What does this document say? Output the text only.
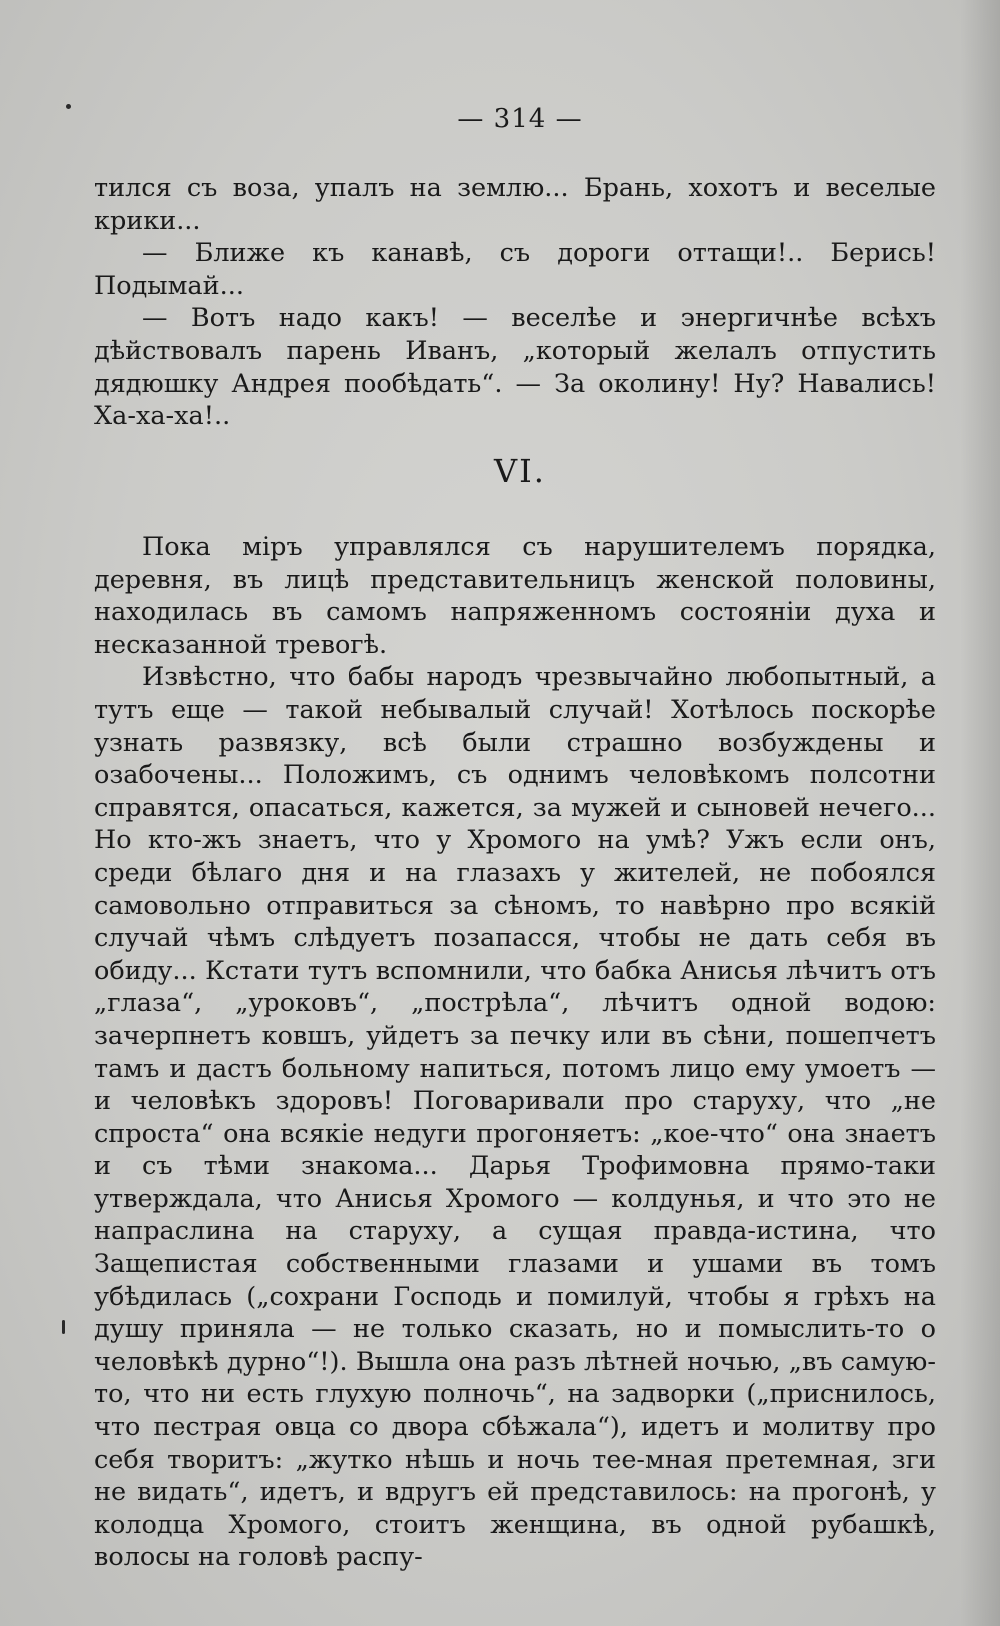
— 314 —

тился съ воза, упалъ на землю... Брань, хохотъ и веселые крики...

— Ближе къ канавѣ, съ дороги оттащи!.. Берись! Подымай...

— Вотъ надо какъ! — веселѣе и энергичнѣе всѣхъ дѣйствовалъ парень Иванъ, „который желалъ отпустить дядюшку Андрея пообѣдать“. — За околину! Ну? Навались! Ха-ха-ха!..

VI.

Пока міръ управлялся съ нарушителемъ порядка, деревня, въ лицѣ представительницъ женской половины, находилась въ самомъ напряженномъ состояніи духа и несказанной тревогѣ.

Извѣстно, что бабы народъ чрезвычайно любопытный, а тутъ еще — такой небывалый случай! Хотѣлось поскорѣе узнать развязку, всѣ были страшно возбуждены и озабочены... Положимъ, съ однимъ человѣкомъ полсотни справятся, опасаться, кажется, за мужей и сыновей нечего... Но кто-жъ знаетъ, что у Хромого на умѣ? Ужъ если онъ, среди бѣлаго дня и на глазахъ у жителей, не побоялся самовольно отправиться за сѣномъ, то навѣрно про всякій случай чѣмъ слѣдуетъ позапасся, чтобы не дать себя въ обиду... Кстати тутъ вспомнили, что бабка Анисья лѣчитъ отъ „глаза“, „уроковъ“, „пострѣла“, лѣчитъ одной водою: зачерпнетъ ковшъ, уйдетъ за печку или въ сѣни, пошепчетъ тамъ и дастъ больному напиться, потомъ лицо ему умоетъ — и человѣкъ здоровъ! Поговаривали про старуху, что „не спроста“ она всякіе недуги прогоняетъ: „кое-что“ она знаетъ и съ тѣми знакома... Дарья Трофимовна прямо-таки утверждала, что Анисья Хромого — колдунья, и что это не напраслина на старуху, а сущая правда-истина, что Защепистая собственными глазами и ушами въ томъ убѣдилась („сохрани Господь и помилуй, чтобы я грѣхъ на душу приняла — не только сказать, но и помыслить-то о человѣкѣ дурно“!). Вышла она разъ лѣтней ночью, „въ самую-то, что ни есть глухую полночь“, на задворки („приснилось, что пестрая овца со двора сбѣжала“), идетъ и молитву про себя творитъ: „жутко нѣшь и ночь тее-мная претемная, зги не видать“, идетъ, и вдругъ ей представилось: на прогонѣ, у колодца Хромого, стоитъ женщина, въ одной рубашкѣ, волосы на головѣ распу-
